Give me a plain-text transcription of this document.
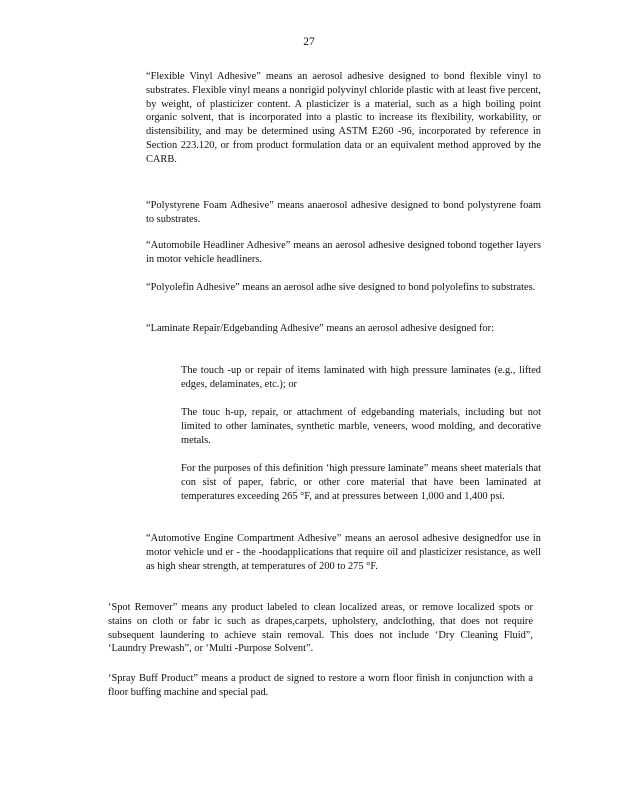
27

“Flexible Vinyl Adhesive” means an aerosol adhesive designed to bond flexible vinyl to substrates. Flexible vinyl means a nonrigid polyvinyl chloride plastic with at least five percent, by weight, of plasticizer content. A plasticizer is a material, such as a high boiling point organic solvent, that is incorporated into a plastic to increase its flexibility, workability, or distensibility, and may be determined using ASTM E260 -96, incorporated by reference in Section 223.120, or from product formulation data or an equivalent method approved by the CARB.

“Polystyrene Foam Adhesive” means anaerosol adhesive designed to bond polystyrene foam to substrates.

“Automobile Headliner Adhesive” means an aerosol adhesive designed tobond together layers in motor vehicle headliners.

“Polyolefin Adhesive” means an aerosol adhe sive designed to bond polyolefins to substrates.

“Laminate Repair/Edgebanding Adhesive” means an aerosol adhesive designed for:

The touch -up or repair of items laminated with high pressure laminates (e.g., lifted edges, delaminates, etc.); or

The touc h-up, repair, or attachment of edgebanding materials, including but not limited to other laminates, synthetic marble, veneers, wood molding, and decorative metals.

For the purposes of this definition ‘high pressure laminate” means sheet materials that con sist of paper, fabric, or other core material that have been laminated at temperatures exceeding 265 °F, and at pressures between 1,000 and 1,400 psi.

“Automotive Engine Compartment Adhesive” means an aerosol adhesive designedfor use in motor vehicle und er - the -hoodapplications that require oil and plasticizer resistance, as well as high shear strength, at temperatures of 200 to 275 °F.

‘Spot Remover” means any product labeled to clean localized areas, or remove localized spots or stains on cloth or fabr ic such as drapes,carpets, upholstery, andclothing, that does not require subsequent laundering to achieve stain removal. This does not include ‘Dry Cleaning Fluid”, ‘Laundry Prewash”, or ‘Multi -Purpose Solvent”.

‘Spray Buff Product” means a product de signed to restore a worn floor finish in conjunction with a floor buffing machine and special pad.
